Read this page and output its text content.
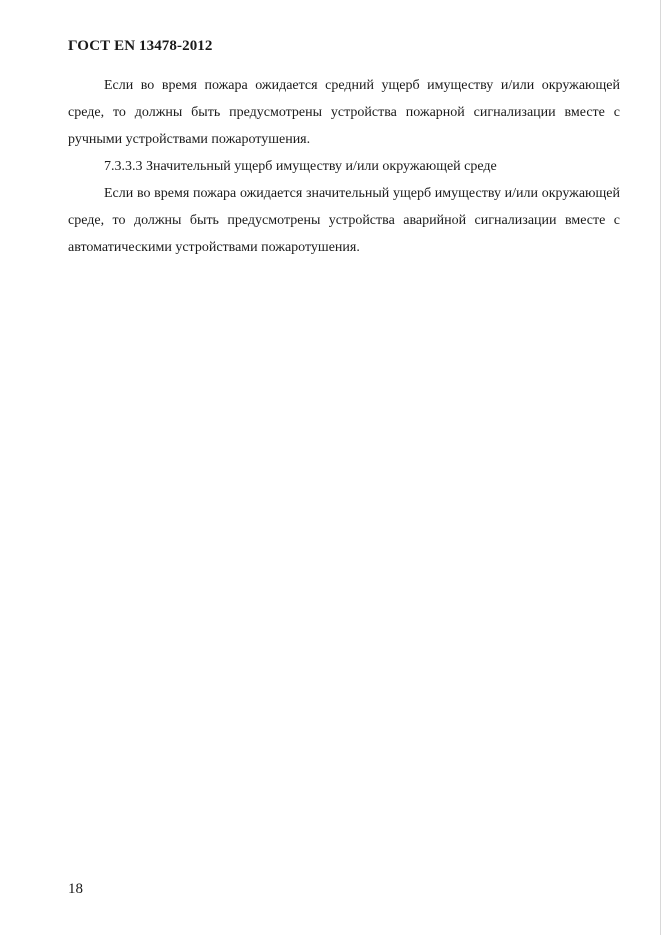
ГОСТ EN 13478-2012

Если во время пожара ожидается средний ущерб имуществу и/или окружающей среде, то должны быть предусмотрены устройства пожарной сигнализации вместе с ручными устройствами пожаротушения.

7.3.3.3 Значительный ущерб имуществу и/или окружающей среде

Если во время пожара ожидается значительный ущерб имуществу и/или окружающей среде, то должны быть предусмотрены устройства аварийной сигнализации вместе с автоматическими устройствами пожаротушения.

18
